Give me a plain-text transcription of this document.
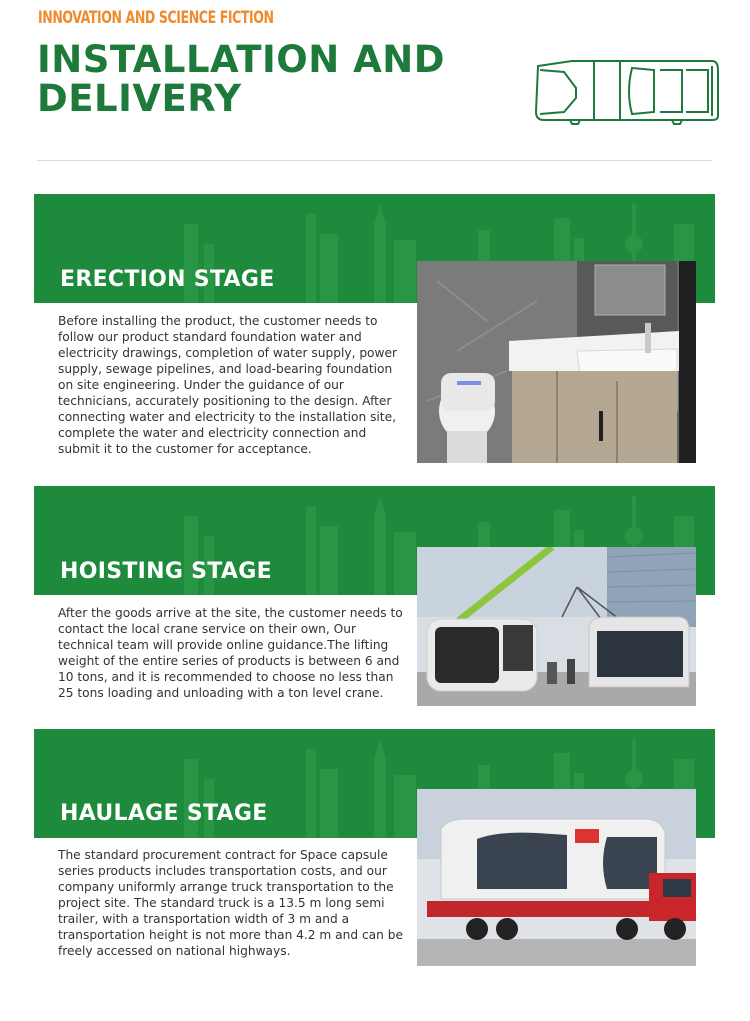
INNOVATION AND SCIENCE FICTION
INSTALLATION AND
DELIVERY
ERECTION STAGE

Before installing the product, the customer needs to follow our product standard foundation water and electricity drawings, completion of water supply, power supply, sewage pipelines, and load-bearing foundation on site engineering. Under the guidance of our technicians, accurately positioning to the design. After connecting water and electricity to the installation site, complete the water and electricity connection and submit it to the customer for acceptance.

HOISTING STAGE

After the goods arrive at the site, the customer needs to contact the local crane service on their own, Our technical team will provide online guidance.The lifting weight of the entire series of products is between 6 and 10 tons, and it is recommended to choose no less than 25 tons loading and unloading with a ton level crane.

HAULAGE STAGE

The standard procurement contract for Space capsule series products includes transportation costs, and our company uniformly arrange truck transportation to the project site. The standard truck is a 13.5 m long semi trailer, with a transportation width of 3 m and a transportation height is not more than 4.2 m and can be freely accessed on national highways.
